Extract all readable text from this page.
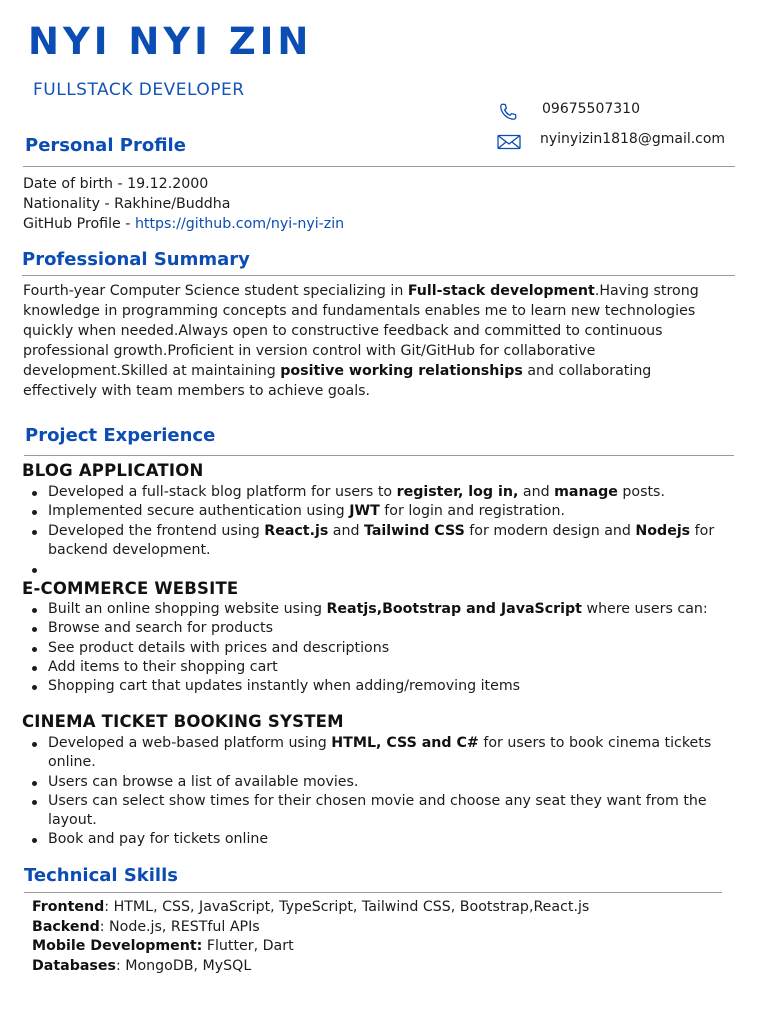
NYI NYI ZIN
FULLSTACK DEVELOPER
09675507310
nyinyizin1818@gmail.com
Personal Profile
Date of birth - 19.12.2000
Nationality - Rakhine/Buddha
GitHub Profile - https://github.com/nyi-nyi-zin
Professional Summary
Fourth-year Computer Science student specializing in Full-stack development.Having strong knowledge in programming concepts and fundamentals enables me to learn new technologies quickly when needed.Always open to constructive feedback and committed to continuous professional growth.Proficient in version control with Git/GitHub for collaborative development.Skilled at maintaining positive working relationships and collaborating effectively with team members to achieve goals.
Project Experience
BLOG APPLICATION
Developed a full-stack blog platform for users to register, log in, and manage posts.
Implemented secure authentication using JWT for login and registration.
Developed the frontend using React.js and Tailwind CSS for modern design and Nodejs for backend development.
E-COMMERCE WEBSITE
Built an online shopping website using Reatjs,Bootstrap and JavaScript where users can:
Browse and search for products
See product details with prices and descriptions
Add items to their shopping cart
Shopping cart that updates instantly when adding/removing items
CINEMA TICKET BOOKING SYSTEM
Developed a web-based platform using HTML, CSS and C# for users to book cinema tickets online.
Users can browse a list of available movies.
Users can select show times for their chosen movie and choose any seat they want from the layout.
Book and pay for tickets online
Technical Skills
Frontend: HTML, CSS, JavaScript, TypeScript, Tailwind CSS, Bootstrap,React.js
Backend: Node.js, RESTful APIs
Mobile Development: Flutter, Dart
Databases: MongoDB, MySQL
